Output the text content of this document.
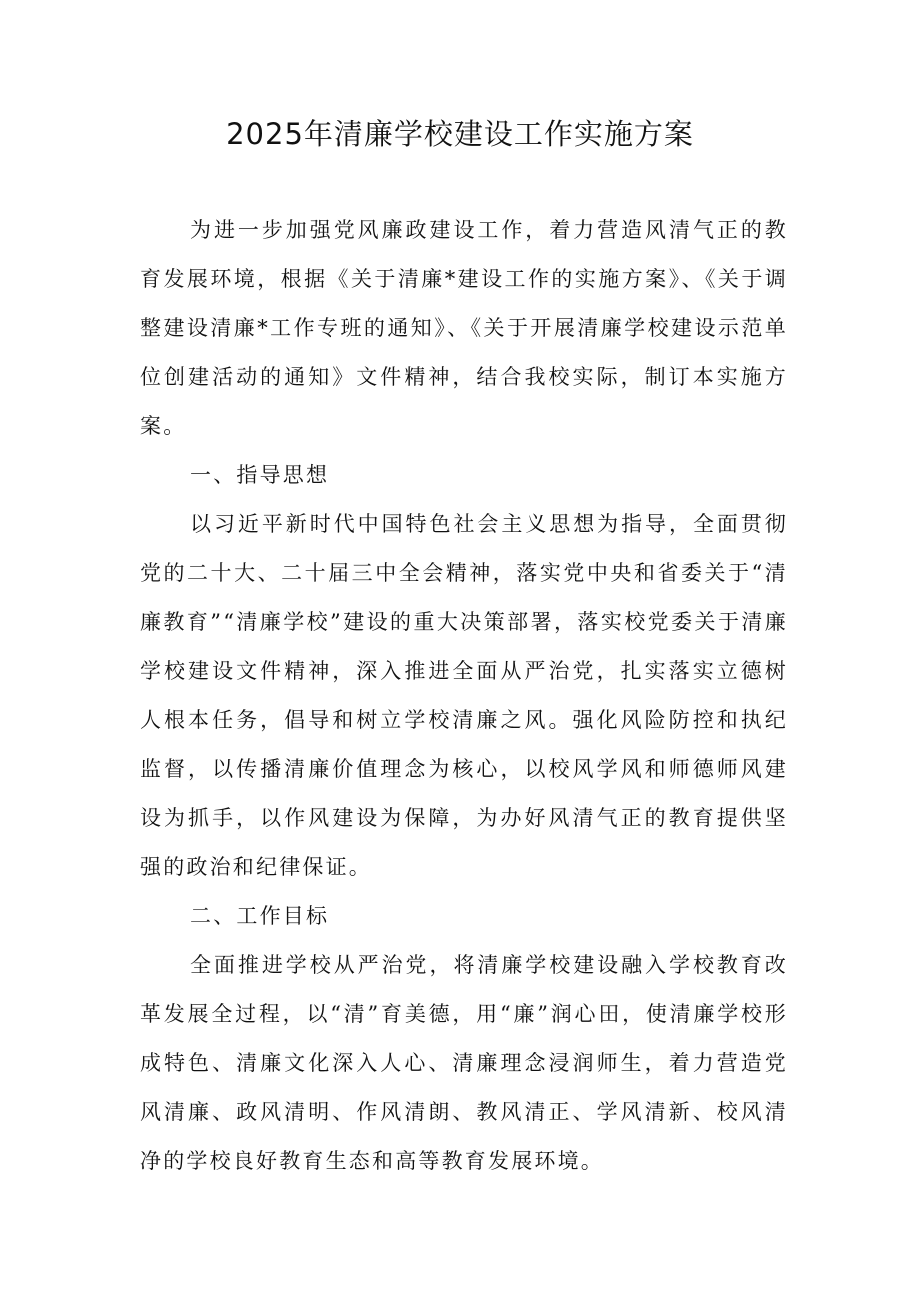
2025年清廉学校建设工作实施方案

为进一步加强党风廉政建设工作，着力营造风清气正的教育发展环境，根据《关于清廉*建设工作的实施方案》、《关于调整建设清廉*工作专班的通知》、《关于开展清廉学校建设示范单位创建活动的通知》文件精神，结合我校实际，制订本实施方案。

一、指导思想

以习近平新时代中国特色社会主义思想为指导，全面贯彻党的二十大、二十届三中全会精神，落实党中央和省委关于“清廉教育”“清廉学校”建设的重大决策部署，落实校党委关于清廉学校建设文件精神，深入推进全面从严治党，扎实落实立德树人根本任务，倡导和树立学校清廉之风。强化风险防控和执纪监督，以传播清廉价值理念为核心，以校风学风和师德师风建设为抓手，以作风建设为保障，为办好风清气正的教育提供坚强的政治和纪律保证。

二、工作目标

全面推进学校从严治党，将清廉学校建设融入学校教育改革发展全过程，以“清”育美德，用“廉”润心田，使清廉学校形成特色、清廉文化深入人心、清廉理念浸润师生，着力营造党风清廉、政风清明、作风清朗、教风清正、学风清新、校风清净的学校良好教育生态和高等教育发展环境。
